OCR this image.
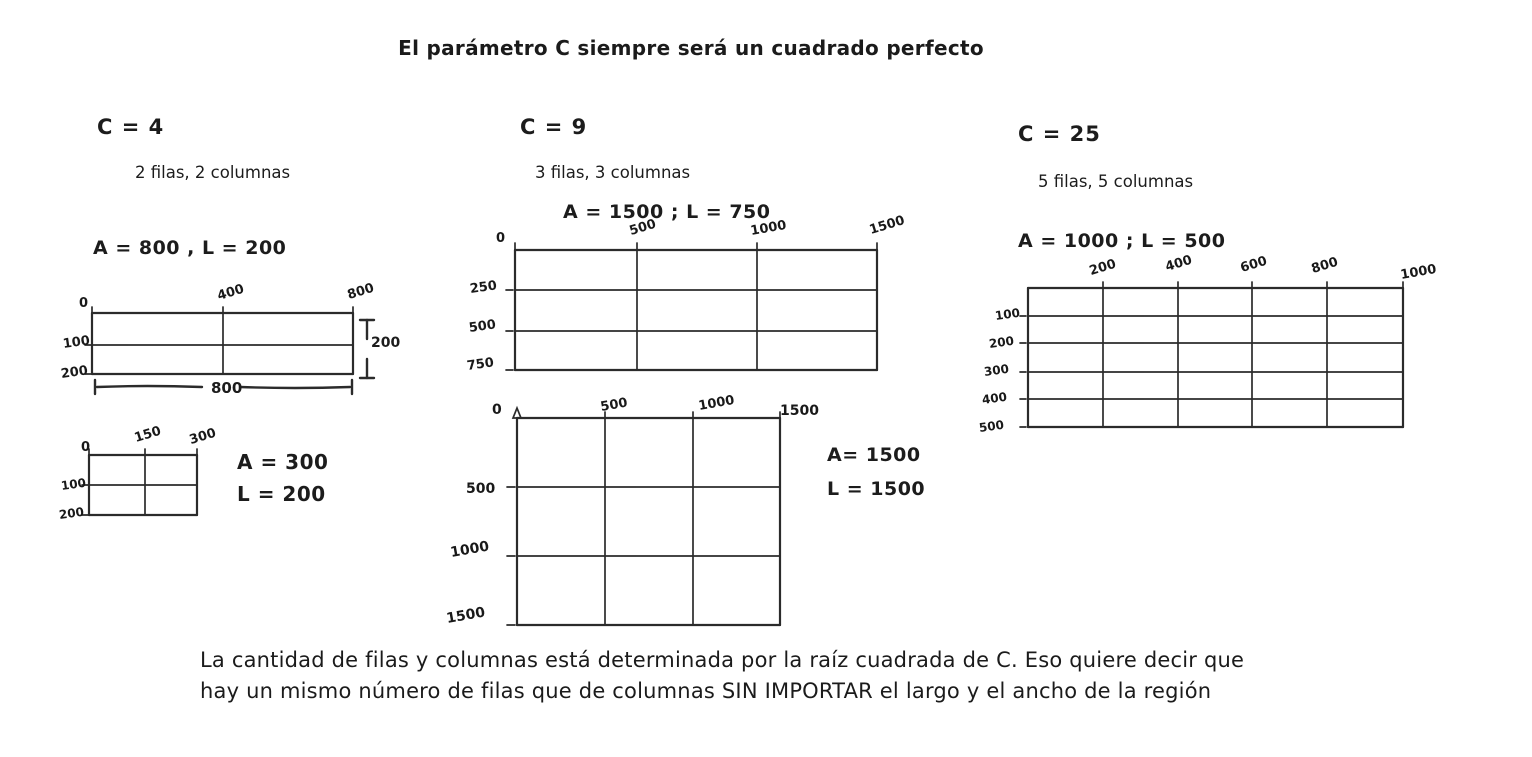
El parámetro C siempre será un cuadrado perfecto
C = 4
2 filas, 2 columnas
A = 800 , L = 200
0	400	800
100
200
800
200
0
150 300
100
200
A = 300
L = 200
C = 9
3 filas, 3 columnas
A = 1500 ; L = 750
0	500	1000	1500
250
500
750
0	500	1000	1500
500
1000
1500
A= 1500
L = 1500
C = 25
5 filas, 5 columnas
A = 1000 ; L = 500
200	400	600	800	1000
100
200
300
400
500
La cantidad de filas y columnas está determinada por la raíz cuadrada de C. Eso quiere decir que
hay un mismo número de filas que de columnas SIN IMPORTAR el largo y el ancho de la región
